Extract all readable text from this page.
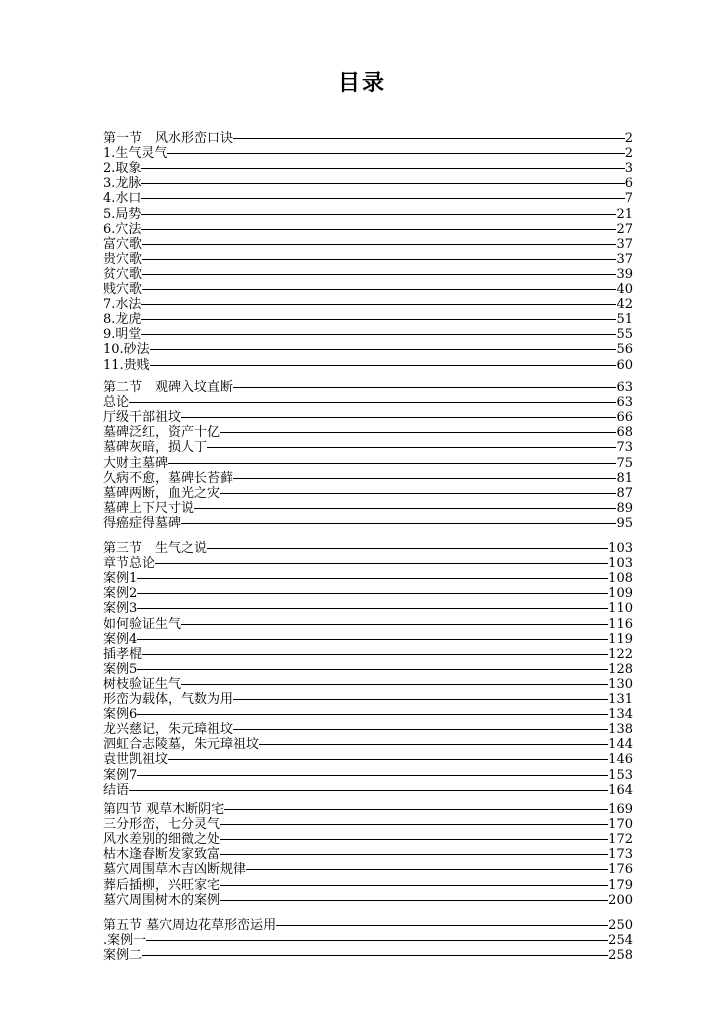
目录
第一节　风水形峦口诀	2
1.生气灵气	2
2.取象	3
3.龙脉	6
4.水口	7
5.局势	21
6.穴法	27
富穴歌	37
贵穴歌	37
贫穴歌	39
贱穴歌	40
7.水法	42
8.龙虎	51
9.明堂	55
10.砂法	56
11.贵贱	60
第二节　观碑入坟直断	63
总论	63
厅级干部祖坟	66
墓碑泛红，资产十亿	68
墓碑灰暗，损人丁	73
大财主墓碑	75
久病不愈，墓碑长苔藓	81
墓碑两断，血光之灾	87
墓碑上下尺寸说	89
得癌症得墓碑	95
第三节　生气之说	103
章节总论	103
案例1	108
案例2	109
案例3	110
如何验证生气	116
案例4	119
插孝棍	122
案例5	128
树枝验证生气	130
形峦为载体，气数为用	131
案例6	134
龙兴慈记，朱元璋祖坟	138
泗虹合志陵墓，朱元璋祖坟	144
袁世凯祖坟	146
案例7	153
结语	164
第四节 观草木断阴宅	169
三分形峦，七分灵气	170
风水差别的细微之处	172
枯木逢春断发家致富	173
墓穴周围草木吉凶断规律	176
葬后插柳，兴旺家宅	179
墓穴周围树木的案例	200
第五节 墓穴周边花草形峦运用	250
.案例一	254
案例二	258
